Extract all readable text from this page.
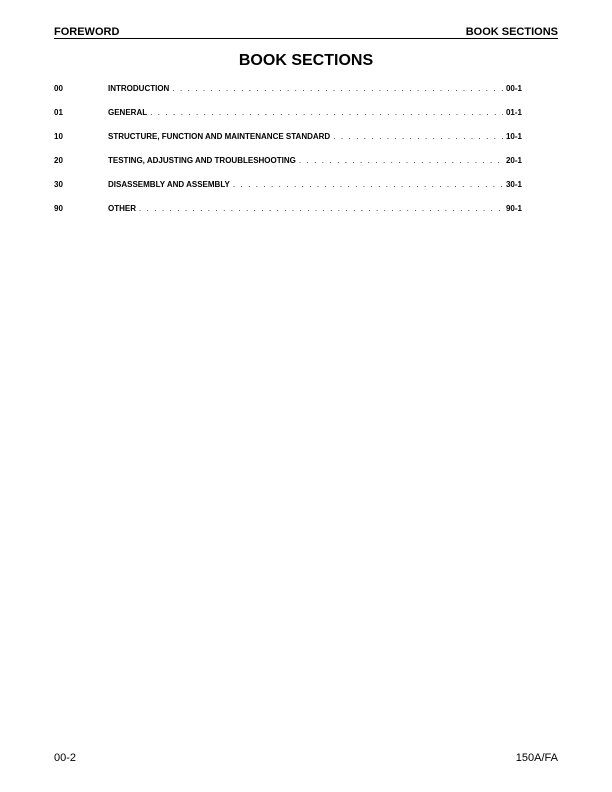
FOREWORD	BOOK SECTIONS
BOOK SECTIONS
00	INTRODUCTION . . .	00-1
01	GENERAL . . .	01-1
10	STRUCTURE, FUNCTION AND MAINTENANCE STANDARD . . .	10-1
20	TESTING, ADJUSTING AND TROUBLESHOOTING . . .	20-1
30	DISASSEMBLY AND ASSEMBLY . . .	30-1
90	OTHER . . .	90-1
00-2	150A/FA
